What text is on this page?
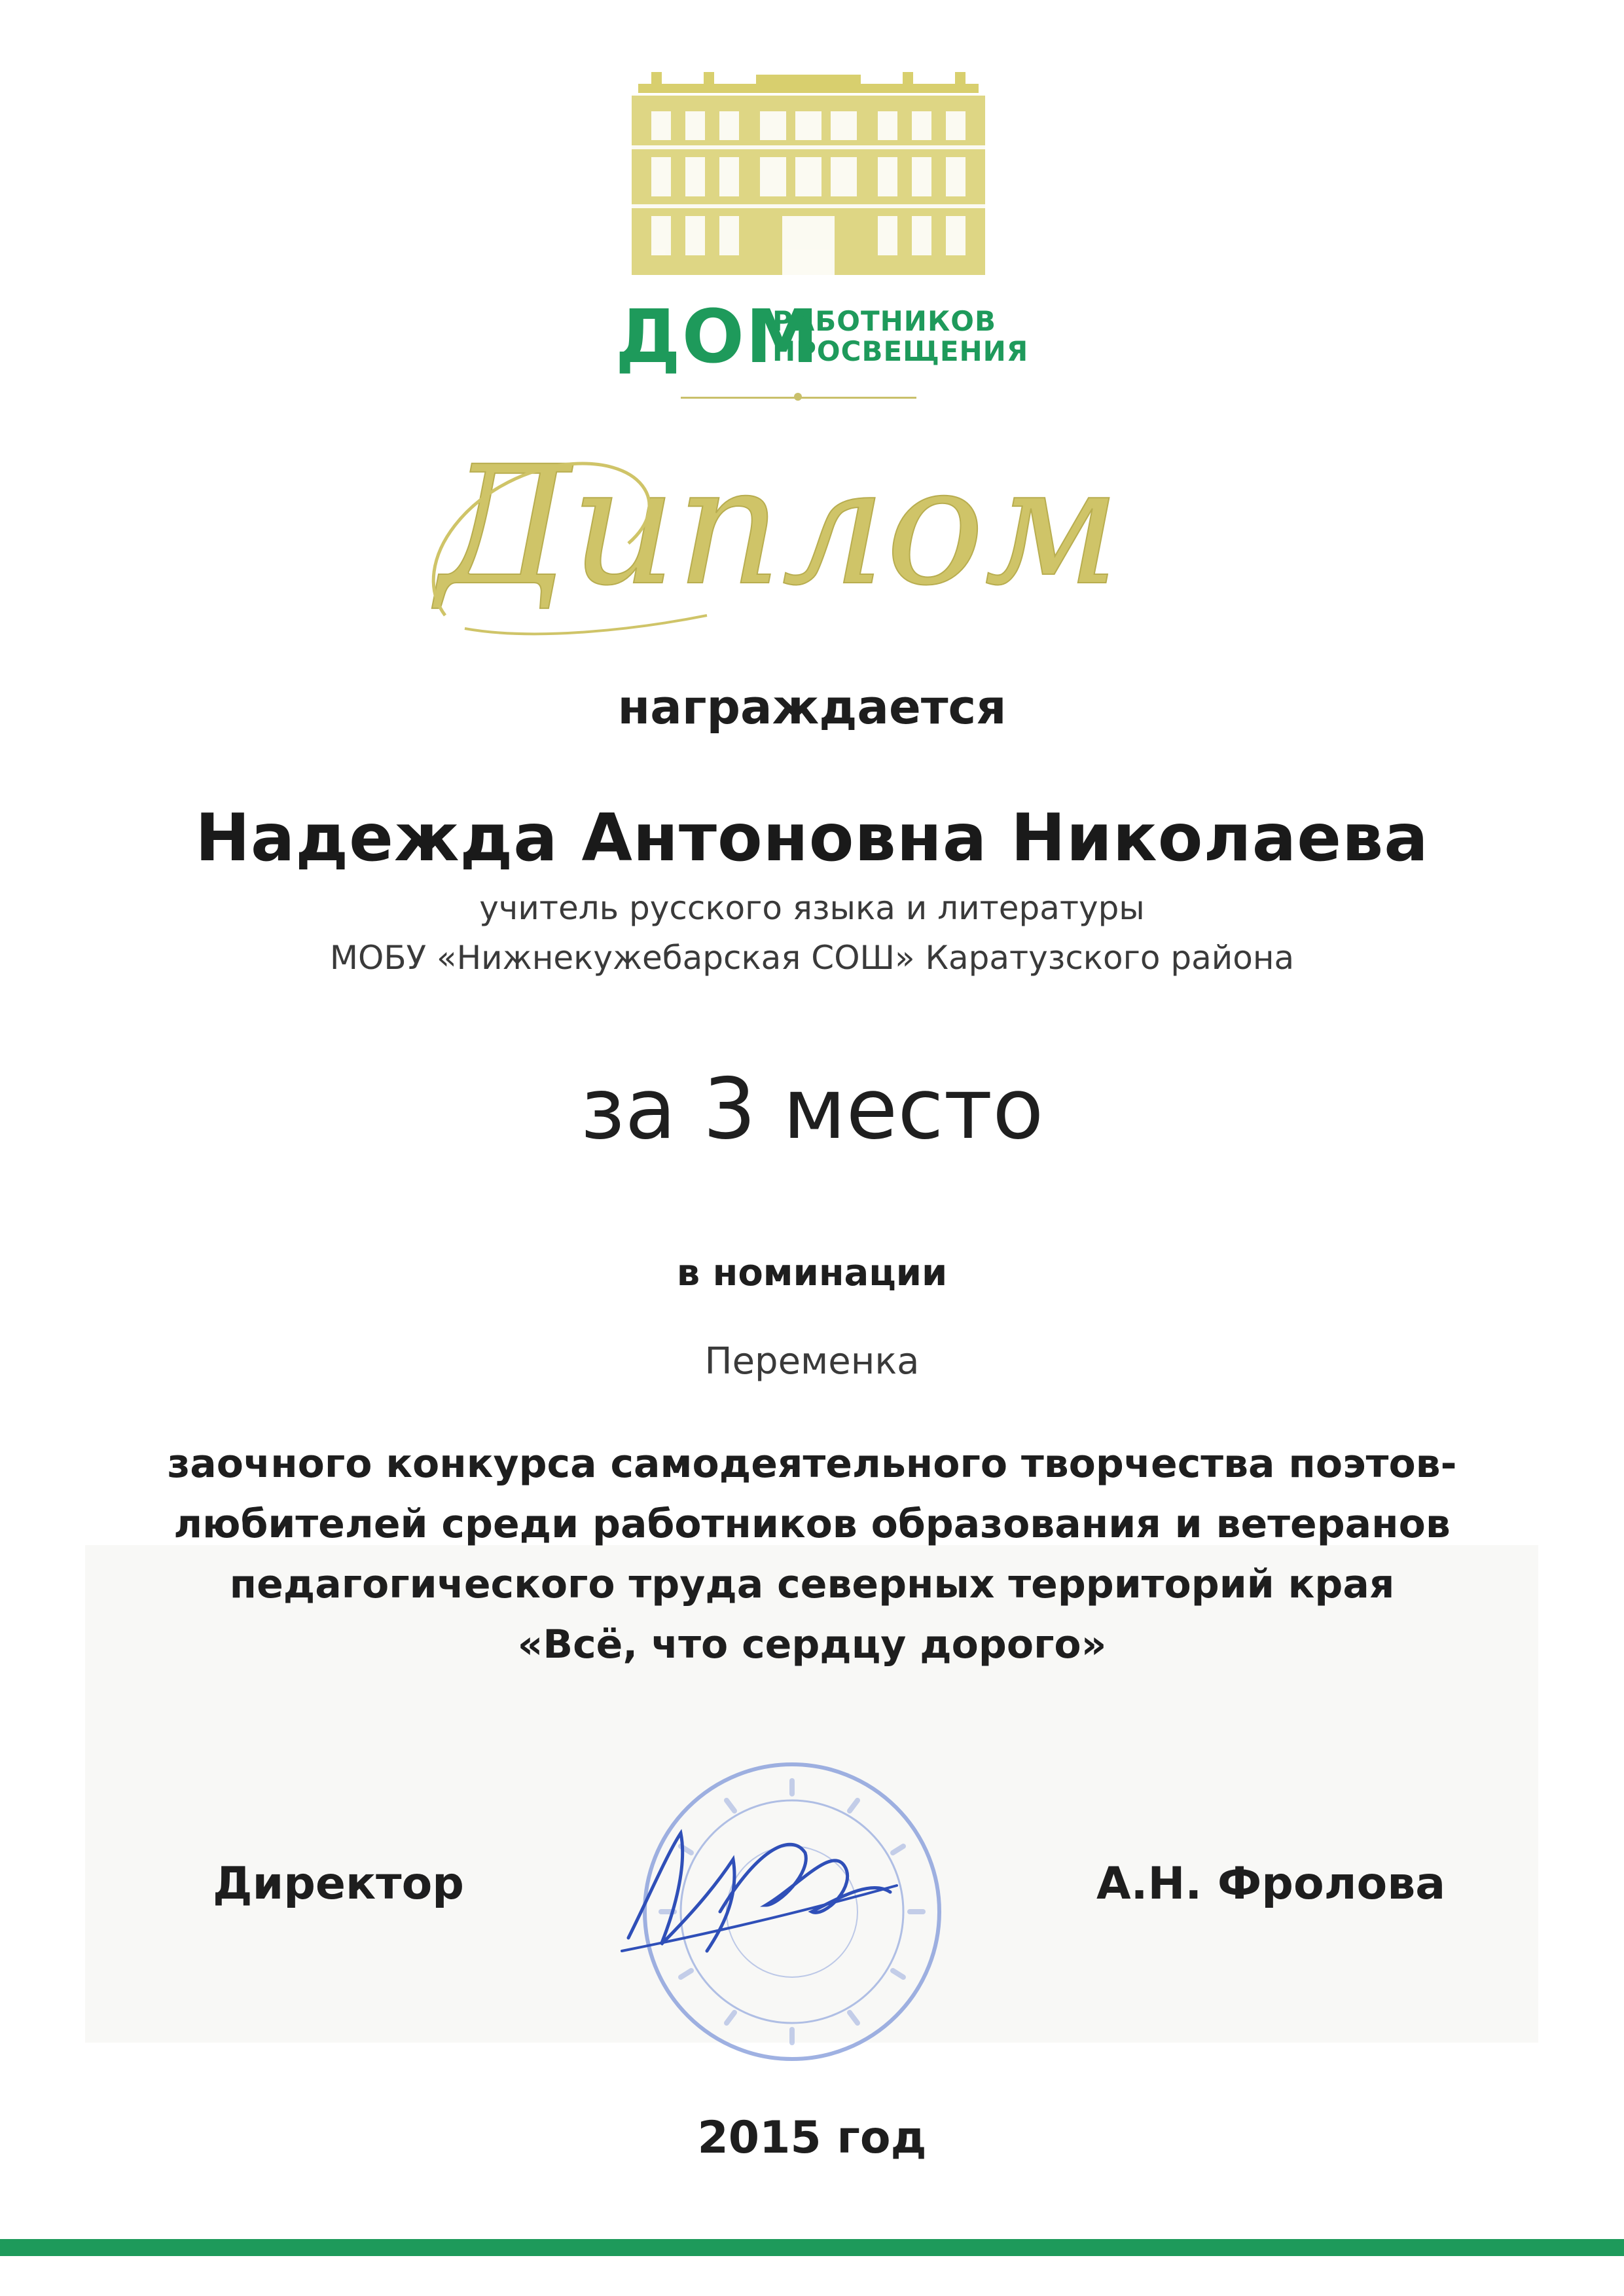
ДОМ
РАБОТНИКОВ
ПРОСВЕЩЕНИЯ
Диплом
награждается
Надежда Антоновна Николаева
учитель русского языка и литературы
МОБУ «Нижнекужебарская СОШ» Каратузского района
за 3 место
в номинации
Переменка
заочного конкурса самодеятельного творчества поэтов-
любителей среди работников образования и ветеранов
педагогического труда северных территорий края
«Всё, что сердцу дорого»
Директор	А.Н. Фролова
2015 год
